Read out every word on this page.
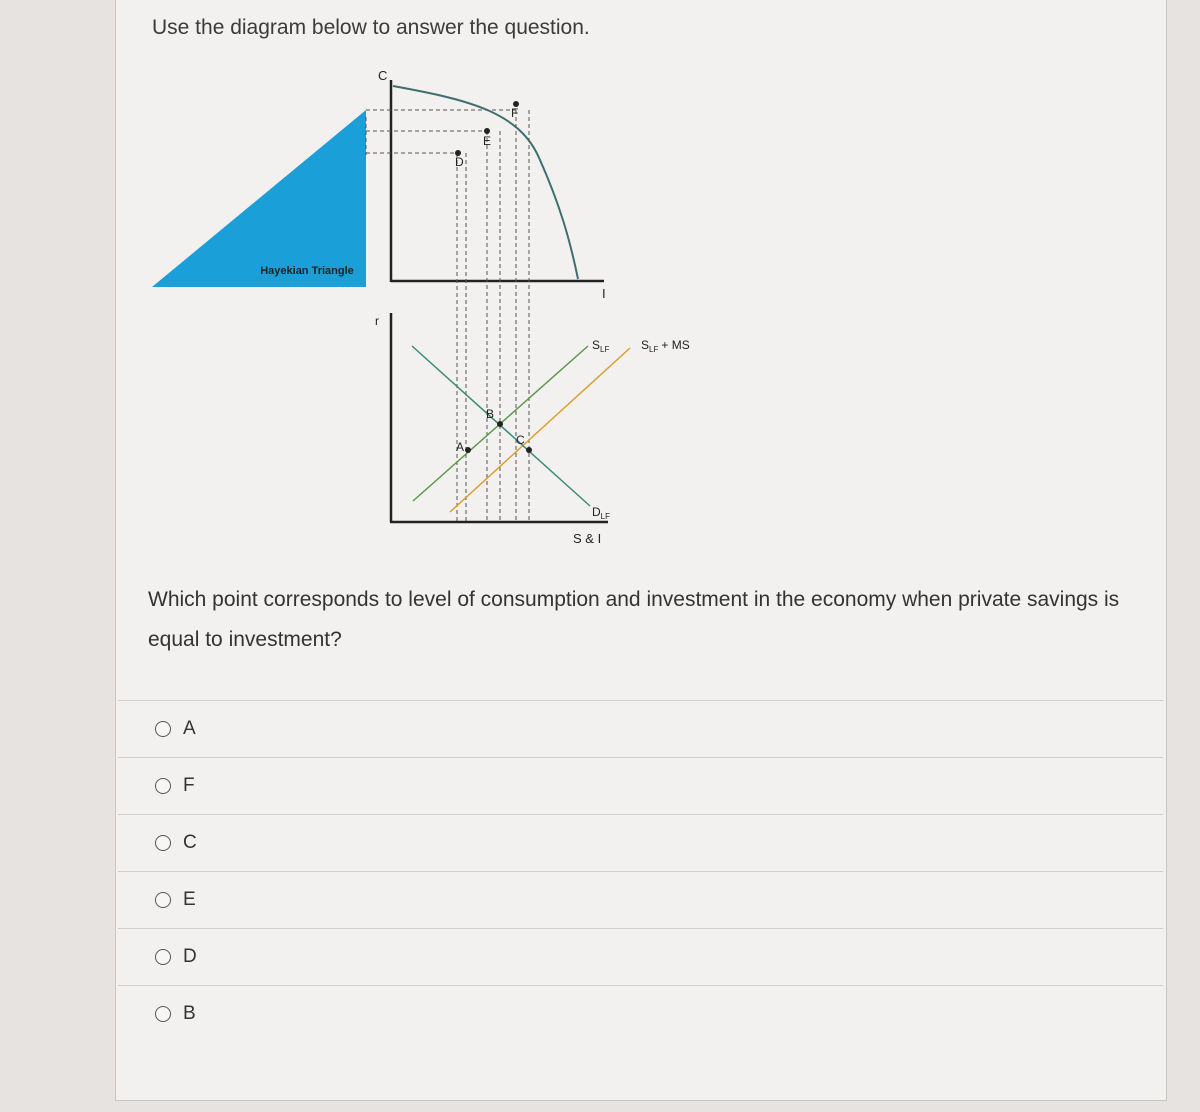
Use the diagram below to answer the question.
Hayekian Triangle
C
I
D
E
F
r
S & I
A
B
C
$S_{LF}$	$S_{LF}$ + MS
$D_{LF}$
Which point corresponds to level of consumption and investment in the economy when private savings is equal to investment?
A
F
C
E
D
B
